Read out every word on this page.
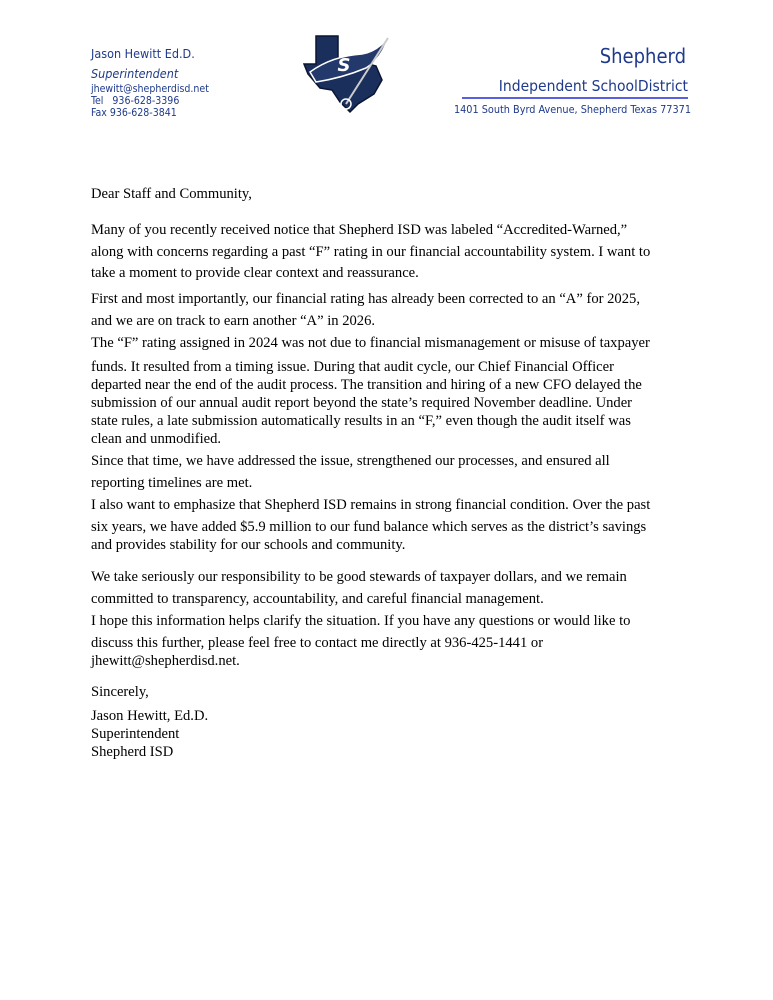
Jason Hewitt Ed.D.
Superintendent
jhewitt@shepherdisd.net
Tel   936-628-3396
Fax 936-628-3841
S	Shepherd
Independent SchoolDistrict
1401 South Byrd Avenue, Shepherd Texas 77371
Dear Staff and Community,
Many of you recently received notice that Shepherd ISD was labeled “Accredited-Warned,”
along with concerns regarding a past “F” rating in our financial accountability system. I want to
take a moment to provide clear context and reassurance.
First and most importantly, our financial rating has already been corrected to an “A” for 2025,
and we are on track to earn another “A” in 2026.
The “F” rating assigned in 2024 was not due to financial mismanagement or misuse of taxpayer
funds. It resulted from a timing issue. During that audit cycle, our Chief Financial Officer
departed near the end of the audit process. The transition and hiring of a new CFO delayed the
submission of our annual audit report beyond the state’s required November deadline. Under
state rules, a late submission automatically results in an “F,” even though the audit itself was
clean and unmodified.
Since that time, we have addressed the issue, strengthened our processes, and ensured all
reporting timelines are met.
I also want to emphasize that Shepherd ISD remains in strong financial condition. Over the past
six years, we have added $5.9 million to our fund balance which serves as the district’s savings
and provides stability for our schools and community.
We take seriously our responsibility to be good stewards of taxpayer dollars, and we remain
committed to transparency, accountability, and careful financial management.
I hope this information helps clarify the situation. If you have any questions or would like to
discuss this further, please feel free to contact me directly at 936-425-1441 or
jhewitt@shepherdisd.net.
Sincerely,
Jason Hewitt, Ed.D.
Superintendent
Shepherd ISD
